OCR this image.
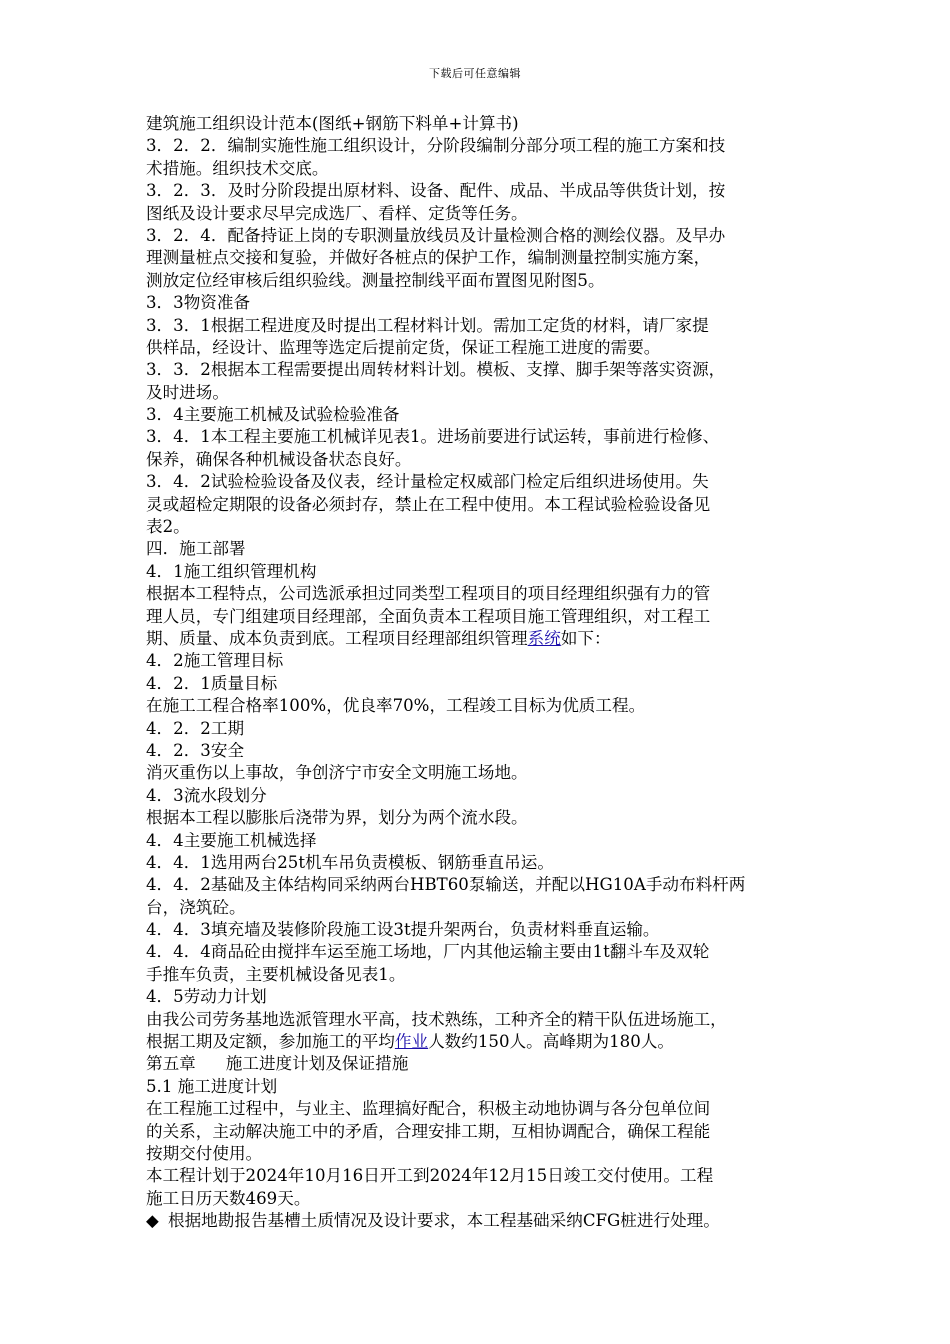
下载后可任意编辑
建筑施工组织设计范本(图纸+钢筋下料单+计算书)
3．2．2．编制实施性施工组织设计，分阶段编制分部分项工程的施工方案和技
术措施。组织技术交底。
3．2．3．及时分阶段提出原材料、设备、配件、成品、半成品等供货计划，按
图纸及设计要求尽早完成选厂、看样、定货等任务。
3．2．4．配备持证上岗的专职测量放线员及计量检测合格的测绘仪器。及早办
理测量桩点交接和复验，并做好各桩点的保护工作，编制测量控制实施方案，
测放定位经审核后组织验线。测量控制线平面布置图见附图5。
3．3物资准备
3．3．1根据工程进度及时提出工程材料计划。需加工定货的材料，请厂家提
供样品，经设计、监理等选定后提前定货，保证工程施工进度的需要。
3．3．2根据本工程需要提出周转材料计划。模板、支撑、脚手架等落实资源，
及时进场。
3．4主要施工机械及试验检验准备
3．4．1本工程主要施工机械详见表1。进场前要进行试运转，事前进行检修、
保养，确保各种机械设备状态良好。
3．4．2试验检验设备及仪表，经计量检定权威部门检定后组织进场使用。失
灵或超检定期限的设备必须封存，禁止在工程中使用。本工程试验检验设备见
表2。
四．施工部署
4．1施工组织管理机构
根据本工程特点，公司选派承担过同类型工程项目的项目经理组织强有力的管
理人员，专门组建项目经理部，全面负责本工程项目施工管理组织，对工程工
期、质量、成本负责到底。工程项目经理部组织管理系统如下：
4．2施工管理目标
4．2．1质量目标
在施工工程合格率100%，优良率70%，工程竣工目标为优质工程。
4．2．2工期
4．2．3安全
消灭重伤以上事故，争创济宁市安全文明施工场地。
4．3流水段划分
根据本工程以膨胀后浇带为界，划分为两个流水段。
4．4主要施工机械选择
4．4．1选用两台25t机车吊负责模板、钢筋垂直吊运。
4．4．2基础及主体结构同采纳两台HBT60泵输送，并配以HG10A手动布料杆两
台，浇筑砼。
4．4．3填充墙及装修阶段施工设3t提升架两台，负责材料垂直运输。
4．4．4商品砼由搅拌车运至施工场地，厂内其他运输主要由1t翻斗车及双轮
手推车负责，主要机械设备见表1。
4．5劳动力计划
由我公司劳务基地选派管理水平高，技术熟练，工种齐全的精干队伍进场施工，
根据工期及定额，参加施工的平均作业人数约150人。高峰期为180人。
第五章 施工进度计划及保证措施
5.1 施工进度计划
在工程施工过程中，与业主、监理搞好配合，积极主动地协调与各分包单位间
的关系，主动解决施工中的矛盾，合理安排工期，互相协调配合，确保工程能
按期交付使用。
本工程计划于2024年10月16日开工到2024年12月15日竣工交付使用。工程
施工日历天数469天。
◆ 根据地勘报告基槽土质情况及设计要求，本工程基础采纳CFG桩进行处理。
